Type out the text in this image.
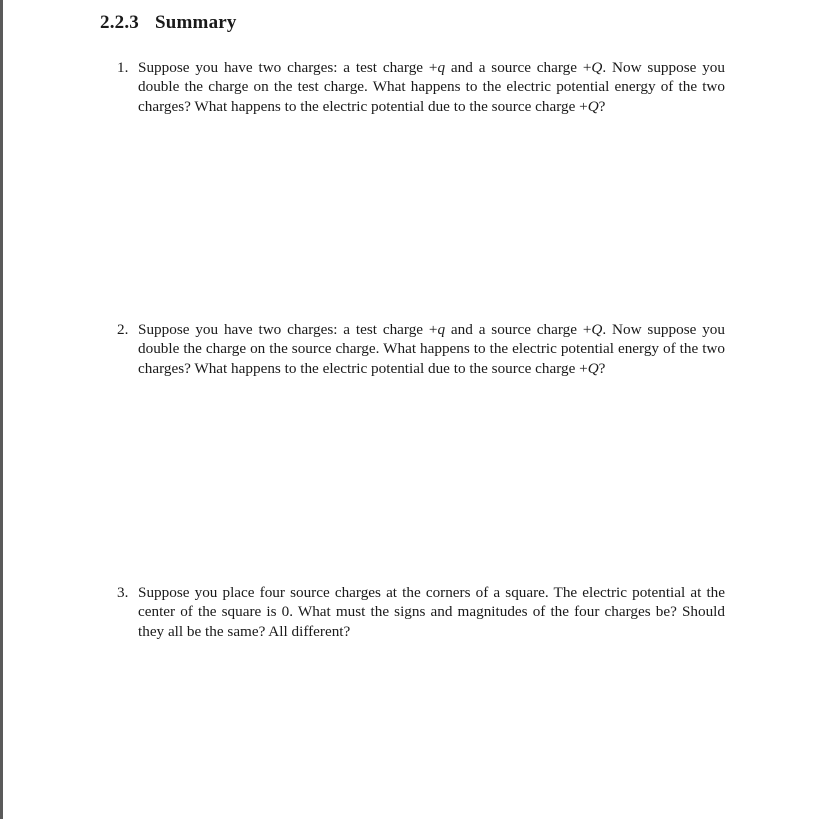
2.2.3 Summary
1. Suppose you have two charges: a test charge +q and a source charge +Q. Now suppose you double the charge on the test charge. What happens to the electric potential energy of the two charges? What happens to the electric potential due to the source charge +Q?
2. Suppose you have two charges: a test charge +q and a source charge +Q. Now suppose you double the charge on the source charge. What happens to the electric potential energy of the two charges? What happens to the electric potential due to the source charge +Q?
3. Suppose you place four source charges at the corners of a square. The electric potential at the center of the square is 0. What must the signs and magnitudes of the four charges be? Should they all be the same? All different?
